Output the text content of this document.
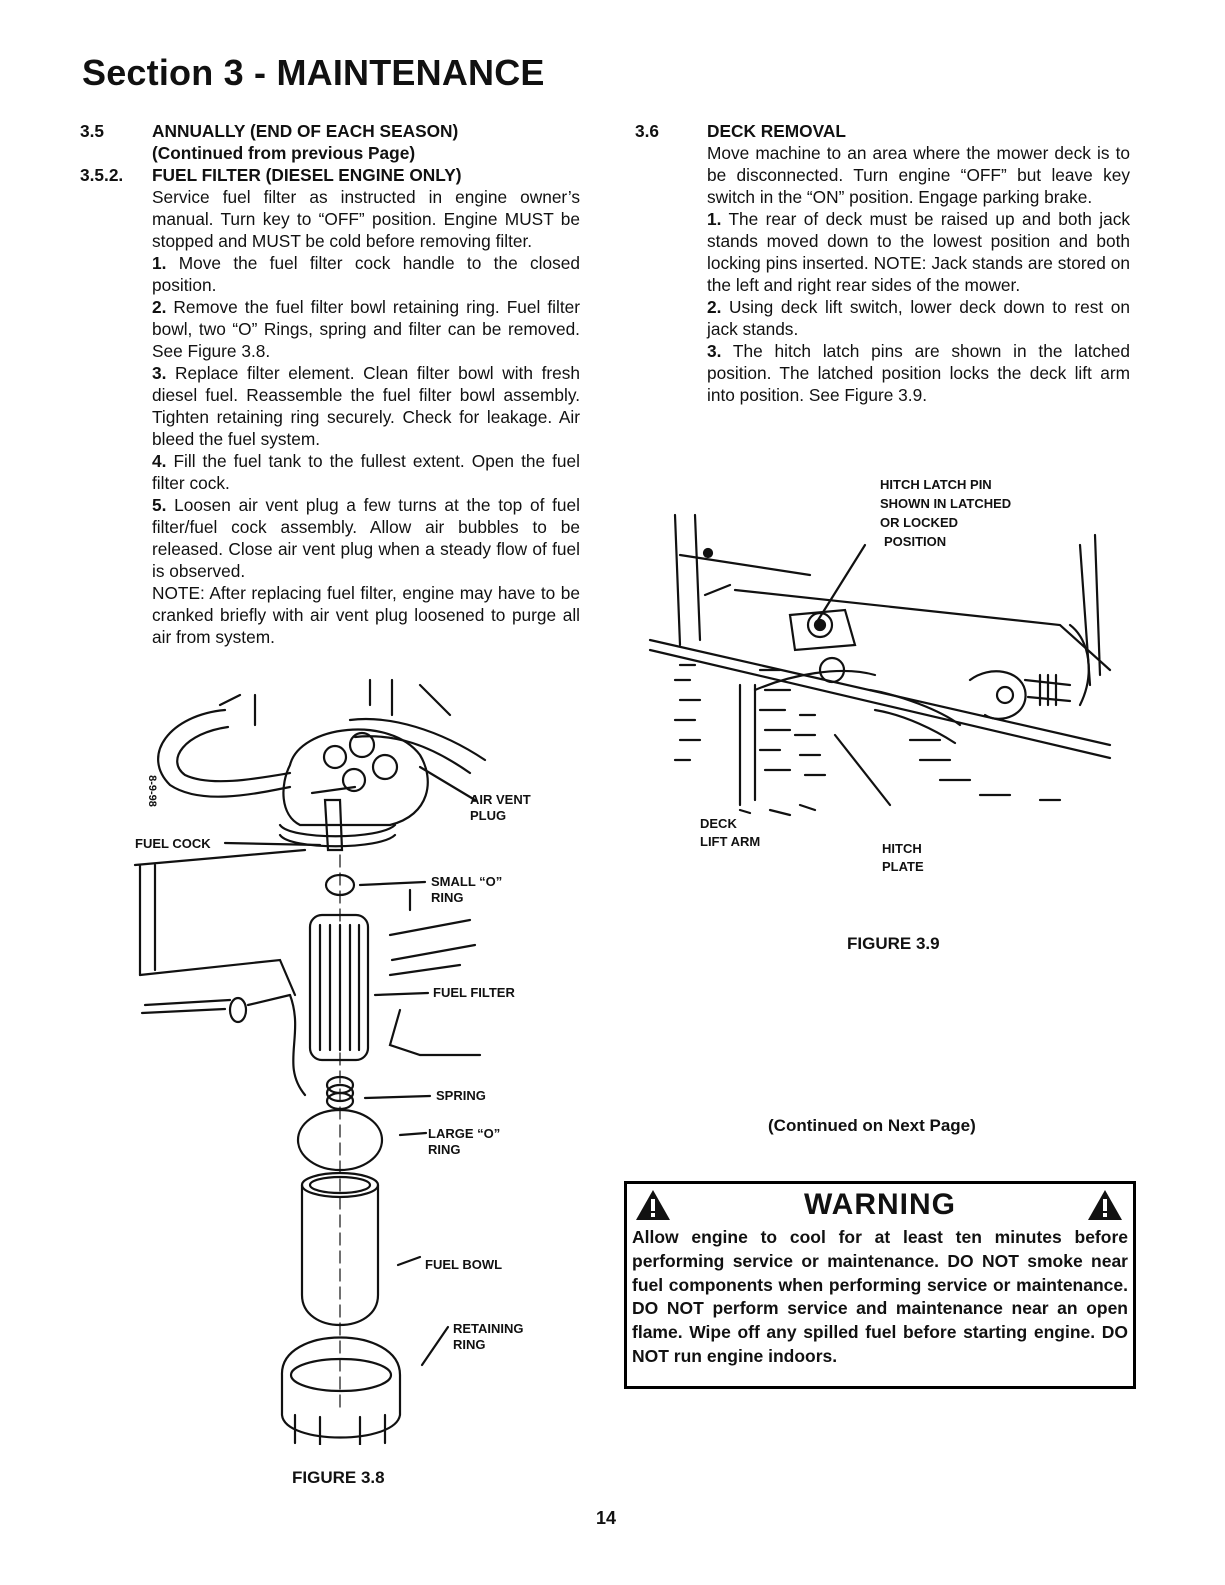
Section 3 - MAINTENANCE
3.5	ANNUALLY (END OF EACH SEASON)
(Continued from previous Page)
3.5.2.	FUEL FILTER (DIESEL ENGINE ONLY)

Service fuel filter as instructed in engine owner’s manual. Turn key to “OFF” position. Engine MUST be stopped and MUST be cold before removing filter.

1. Move the fuel filter cock handle to the closed position.

2. Remove the fuel filter bowl retaining ring. Fuel filter bowl, two “O” Rings, spring and filter can be removed. See Figure 3.8.

3. Replace filter element. Clean filter bowl with fresh diesel fuel. Reassemble the fuel filter bowl assembly. Tighten retaining ring securely. Check for leakage. Air bleed the fuel system.

4. Fill the fuel tank to the fullest extent. Open the fuel filter cock.

5. Loosen air vent plug a few turns at the top of fuel filter/fuel cock assembly. Allow air bubbles to be released. Close air vent plug when a steady flow of fuel is observed.

NOTE: After replacing fuel filter, engine may have to be cranked briefly with air vent plug loosened to purge all air from system.

3.6	DECK REMOVAL

Move machine to an area where the mower deck is to be disconnected. Turn engine “OFF” but leave key switch in the “ON” position. Engage parking brake.

1. The rear of deck must be raised up and both jack stands moved down to the lowest position and both locking pins inserted. NOTE: Jack stands are stored on the left and right rear sides of the mower.

2. Using deck lift switch, lower deck down to rest on jack stands.

3. The hitch latch pins are shown in the latched position. The latched position locks the deck lift arm into position. See Figure 3.9.

8-9-98
FUEL COCK
AIR VENT
PLUG
SMALL “O”
RING
FUEL FILTER
SPRING
LARGE “O”
RING
FUEL BOWL
RETAINING
RING
FIGURE 3.8
HITCH LATCH PIN
SHOWN IN LATCHED
OR LOCKED
POSITION
DECK
LIFT ARM	HITCH
PLATE
FIGURE 3.9
(Continued on Next Page)
WARNING

Allow engine to cool for at least ten minutes before performing service or maintenance. DO NOT smoke near fuel components when performing service or maintenance. DO NOT perform service and maintenance near an open flame. Wipe off any spilled fuel before starting engine. DO NOT run engine indoors.

14
